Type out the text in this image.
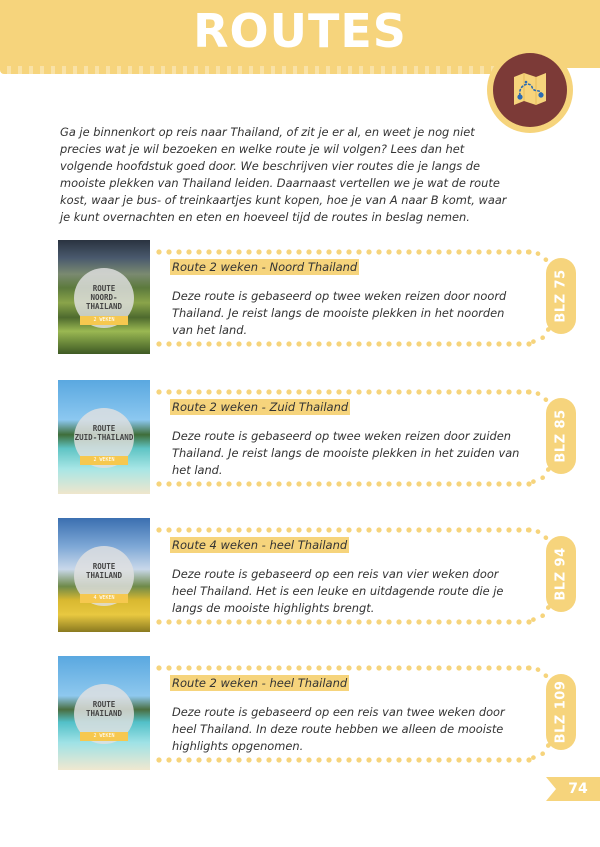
ROUTES

Ga je binnenkort op reis naar Thailand, of zit je er al, en weet je nog niet precies wat je wil bezoeken en welke route je wil volgen? Lees dan het volgende hoofdstuk goed door. We beschrijven vier routes die je langs de mooiste plekken van Thailand leiden. Daarnaast vertellen we je wat de route kost, waar je bus- of treinkaartjes kunt kopen, hoe je van A naar B komt, waar je kunt overnachten en eten en hoeveel tijd de routes in beslag nemen.

ROUTE
NOORD-THAILAND
2 WEKEN
Route 2 weken - Noord Thailand

Deze route is gebaseerd op twee weken reizen door noord Thailand. Je reist langs de mooiste plekken in het noorden van het land.

BLZ 75
ROUTE
ZUID-THAILAND
2 WEKEN
Route 2 weken - Zuid Thailand

Deze route is gebaseerd op twee weken reizen door zuiden Thailand. Je reist langs de mooiste plekken in het zuiden van het land.

BLZ 85
ROUTE
THAILAND
4 WEKEN
Route 4 weken - heel Thailand

Deze route is gebaseerd op een reis van vier weken door heel Thailand. Het is een leuke en uitdagende route die je langs de mooiste highlights brengt.

BLZ 94
ROUTE
THAILAND
2 WEKEN
Route 2 weken - heel Thailand

Deze route is gebaseerd op een reis van twee weken door heel Thailand. In deze route hebben we alleen de mooiste highlights opgenomen.

BLZ 109
74
